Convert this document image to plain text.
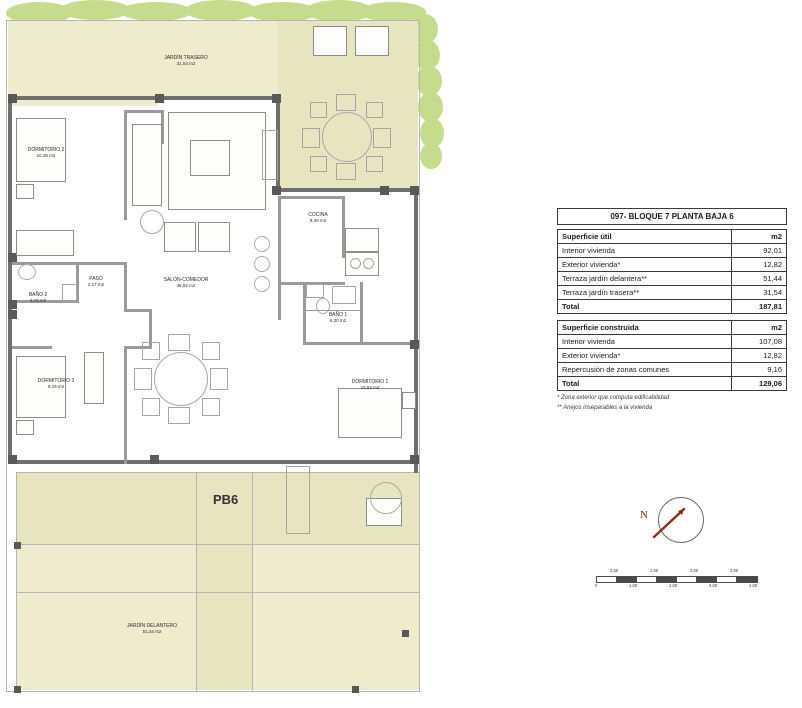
JARDÍN TRASERO
31,54 m2
DORMITORIO 2
10,38 m2
BAÑO 2
3,73 m2
PASO
2,17 m2
SALÓN-COMEDOR
36,82 m2
COCINA
8,39 m2
BAÑO 1
6,30 m2
DORMITORIO 3
9,19 m2
DORMITORIO 1
15,82 m2
JARDÍN DELANTERO
51,44 m2
PB6
097- BLOQUE 7 PLANTA BAJA 6
Superficie útil	m2
Interior vivienda	92,01
Exterior vivienda*	12,82
Terraza jardín delantera**	51,44
Terraza jardín trasera**	31,54
Total	187,81
Superficie construida	m2
Interior vivienda	107,08
Exterior vivienda*	12,82
Repercusión de zonas comunes	9,16
Total	129,06
* Zona exterior que computa edificabilidad
** Anejos inseparables a la vivienda
N
0,50	1,50	2,50	3,50
0	1,00	2,00	3,00	4,00
